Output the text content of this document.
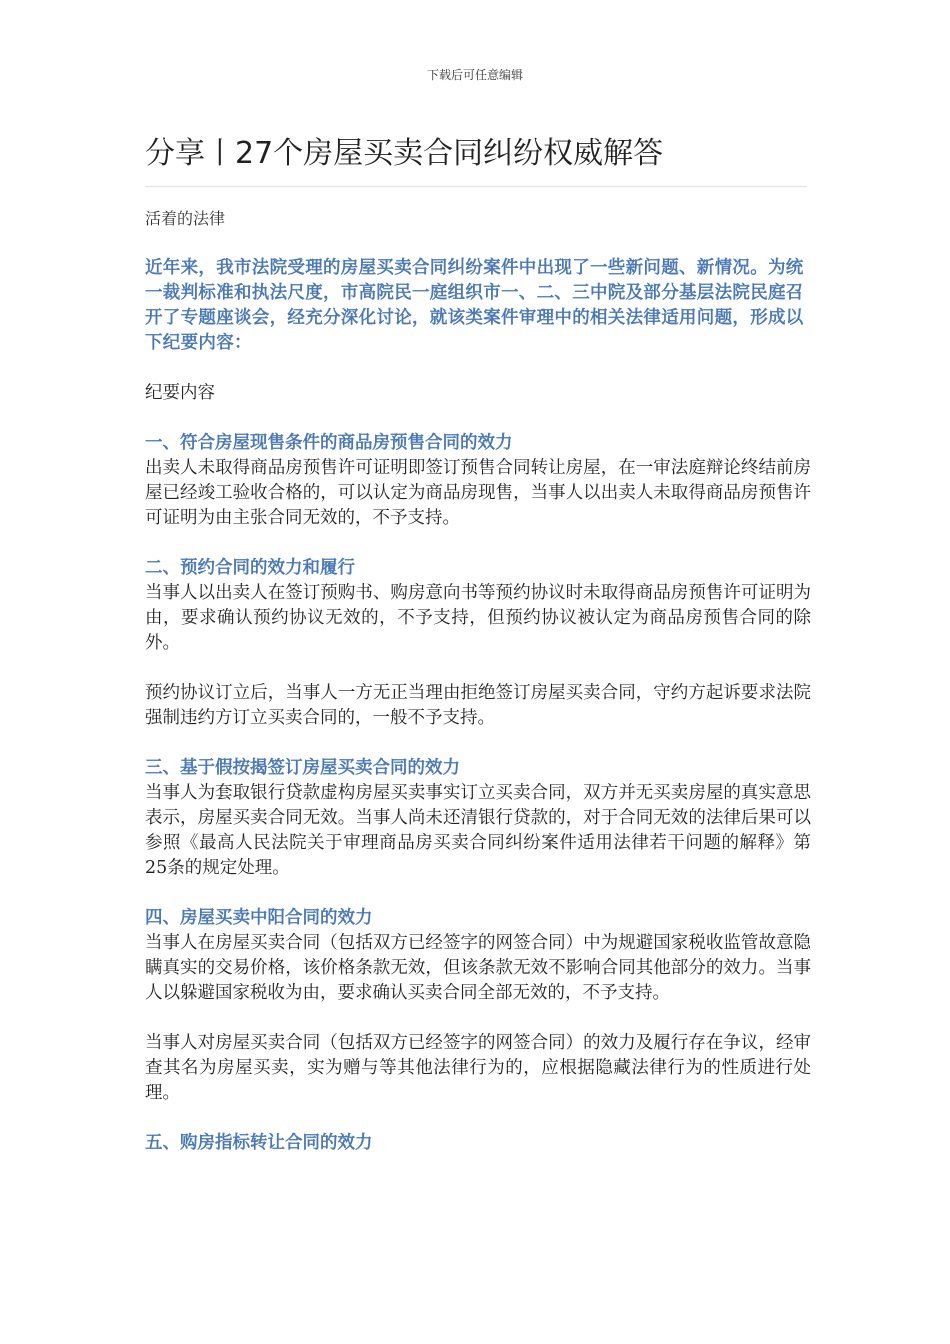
下载后可任意编辑
分享丨27个房屋买卖合同纠纷权威解答
活着的法律

近年来，我市法院受理的房屋买卖合同纠纷案件中出现了一些新问题、新情况。为统一裁判标准和执法尺度，市高院民一庭组织市一、二、三中院及部分基层法院民庭召开了专题座谈会，经充分深化讨论，就该类案件审理中的相关法律适用问题，形成以下纪要内容：

纪要内容

一、符合房屋现售条件的商品房预售合同的效力

出卖人未取得商品房预售许可证明即签订预售合同转让房屋，在一审法庭辩论终结前房屋已经竣工验收合格的，可以认定为商品房现售，当事人以出卖人未取得商品房预售许可证明为由主张合同无效的，不予支持。

二、预约合同的效力和履行

当事人以出卖人在签订预购书、购房意向书等预约协议时未取得商品房预售许可证明为由，要求确认预约协议无效的，不予支持，但预约协议被认定为商品房预售合同的除外。

预约协议订立后，当事人一方无正当理由拒绝签订房屋买卖合同，守约方起诉要求法院强制违约方订立买卖合同的，一般不予支持。

三、基于假按揭签订房屋买卖合同的效力

当事人为套取银行贷款虚构房屋买卖事实订立买卖合同，双方并无买卖房屋的真实意思表示，房屋买卖合同无效。当事人尚未还清银行贷款的，对于合同无效的法律后果可以参照《最高人民法院关于审理商品房买卖合同纠纷案件适用法律若干问题的解释》第25条的规定处理。

四、房屋买卖中阳合同的效力

当事人在房屋买卖合同（包括双方已经签字的网签合同）中为规避国家税收监管故意隐瞒真实的交易价格，该价格条款无效，但该条款无效不影响合同其他部分的效力。当事人以躲避国家税收为由，要求确认买卖合同全部无效的，不予支持。

当事人对房屋买卖合同（包括双方已经签字的网签合同）的效力及履行存在争议，经审查其名为房屋买卖，实为赠与等其他法律行为的，应根据隐藏法律行为的性质进行处理。

五、购房指标转让合同的效力
